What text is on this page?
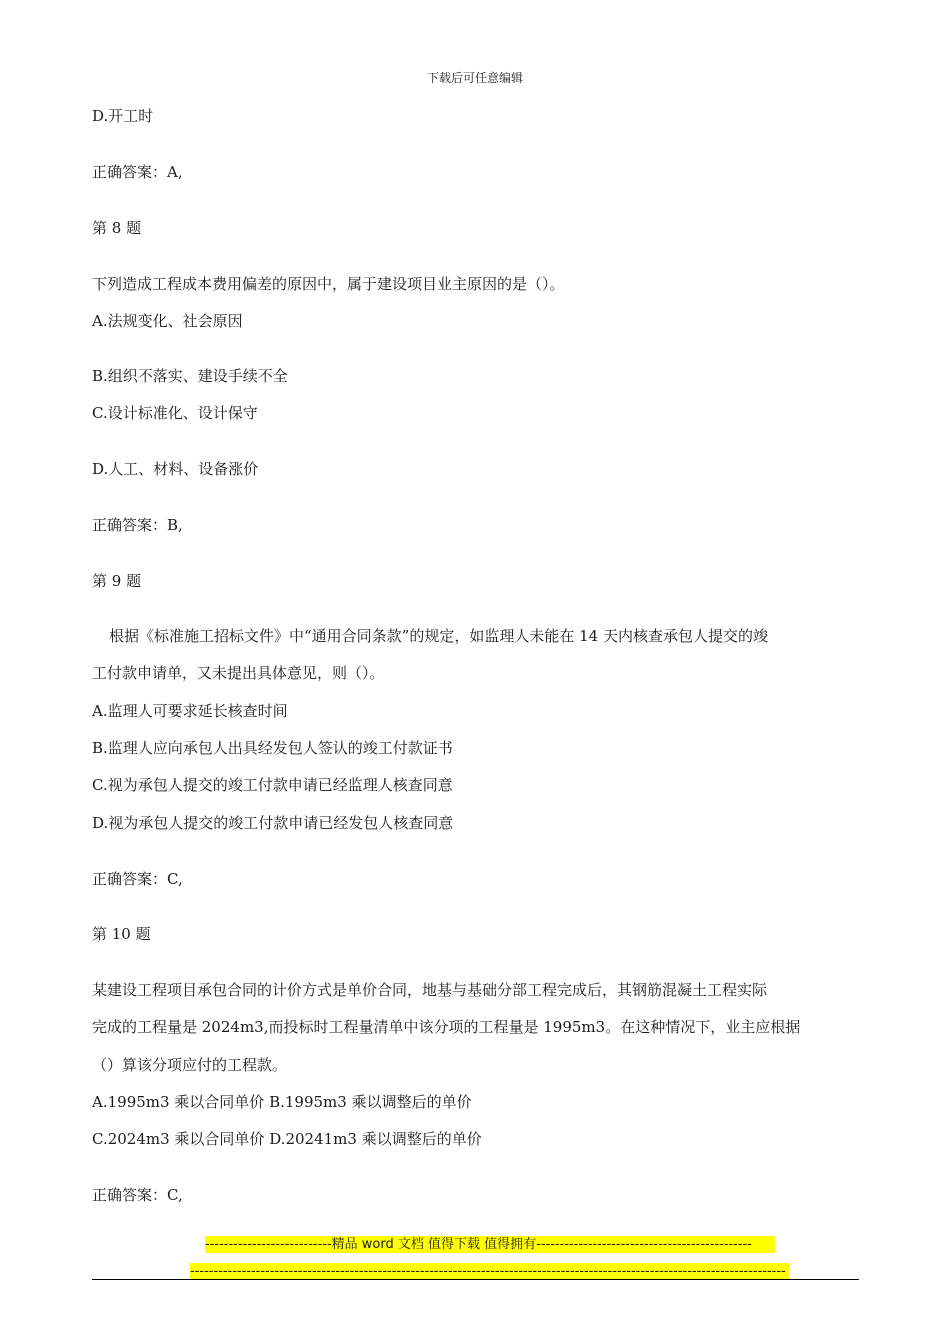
下载后可任意编辑
D.开工时
正确答案：A,
第 8 题
下列造成工程成本费用偏差的原因中，属于建设项目业主原因的是（）。
A.法规变化、社会原因
B.组织不落实、建设手续不全
C.设计标准化、设计保守
D.人工、材料、设备涨价
正确答案：B,
第 9 题
根据《标准施工招标文件》中“通用合同条款”的规定，如监理人未能在 14 天内核查承包人提交的竣
工付款申请单，又未提出具体意见，则（）。
A.监理人可要求延长核查时间
B.监理人应向承包人出具经发包人签认的竣工付款证书
C.视为承包人提交的竣工付款申请已经监理人核查同意
D.视为承包人提交的竣工付款申请已经发包人核查同意
正确答案：C,
第 10 题
某建设工程项目承包合同的计价方式是单价合同，地基与基础分部工程完成后，其钢筋混凝土工程实际
完成的工程量是 2024m3,而投标时工程量清单中该分项的工程量是 1995m3。在这种情况下，业主应根据
（）算该分项应付的工程款。
A.1995m3 乘以合同单价 B.1995m3 乘以调整后的单价
C.2024m3 乘以合同单价 D.20241m3 乘以调整后的单价
正确答案：C,
---------------------------精品 word 文档 值得下载 值得拥有----------------------------------------------
-------------------------------------------------------------------------------------------------------------------------------
